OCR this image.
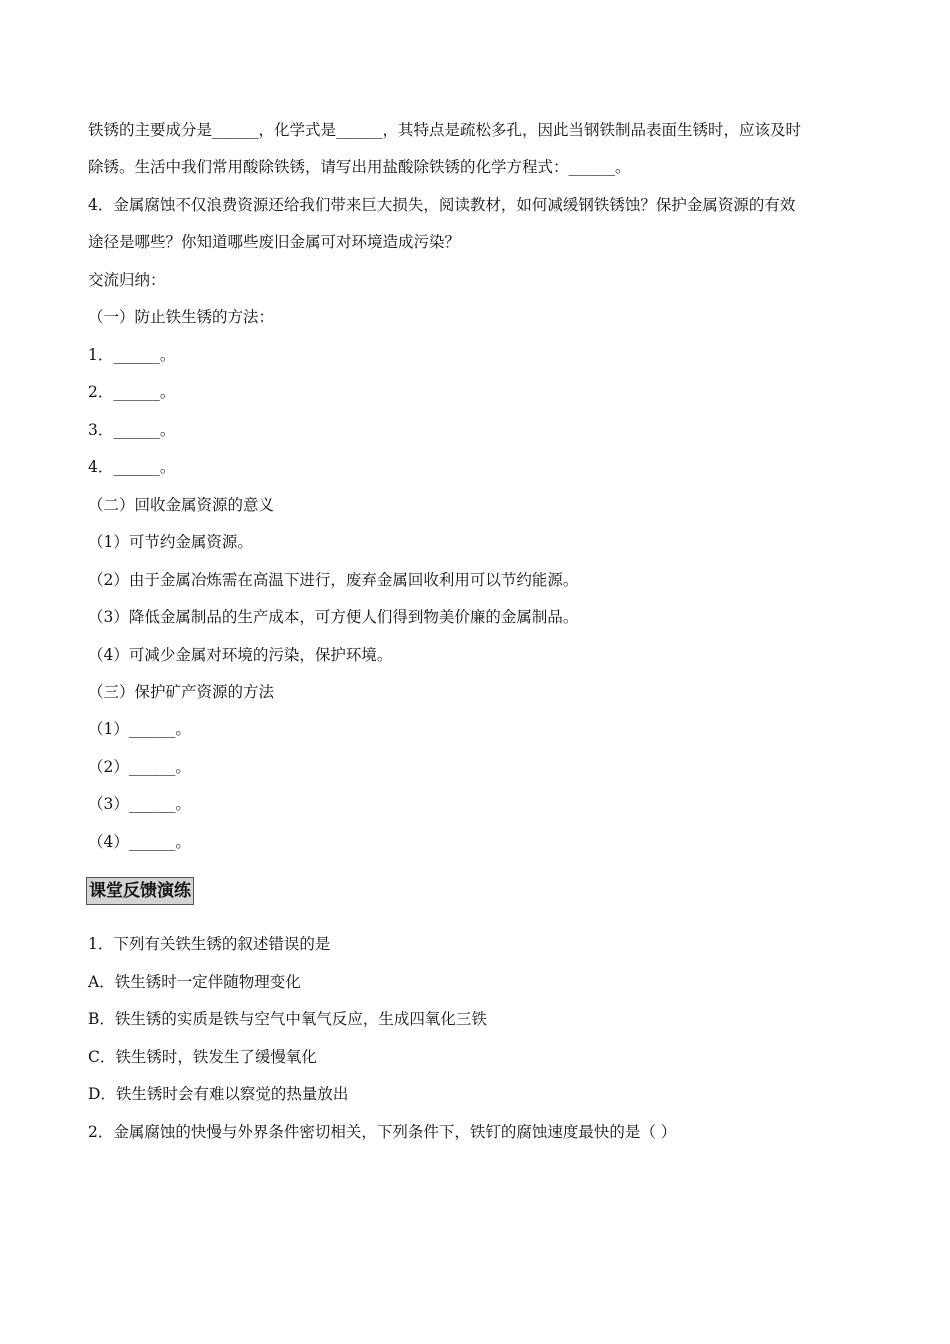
铁锈的主要成分是______，化学式是______，其特点是疏松多孔，因此当钢铁制品表面生锈时，应该及时
除锈。生活中我们常用酸除铁锈，请写出用盐酸除铁锈的化学方程式：______。
4．金属腐蚀不仅浪费资源还给我们带来巨大损失，阅读教材，如何减缓钢铁锈蚀？保护金属资源的有效
途径是哪些？你知道哪些废旧金属可对环境造成污染？
交流归纳：
（一）防止铁生锈的方法：
1．______。
2．______。
3．______。
4．______。
（二）回收金属资源的意义
（1）可节约金属资源。
（2）由于金属冶炼需在高温下进行，废弃金属回收利用可以节约能源。
（3）降低金属制品的生产成本，可方便人们得到物美价廉的金属制品。
（4）可减少金属对环境的污染，保护环境。
（三）保护矿产资源的方法
（1）______。
（2）______。
（3）______。
（4）______。
课堂反馈演练
1．下列有关铁生锈的叙述错误的是
A．铁生锈时一定伴随物理变化
B．铁生锈的实质是铁与空气中氧气反应，生成四氧化三铁
C．铁生锈时，铁发生了缓慢氧化
D．铁生锈时会有难以察觉的热量放出
2．金属腐蚀的快慢与外界条件密切相关，下列条件下，铁钉的腐蚀速度最快的是（ ）
